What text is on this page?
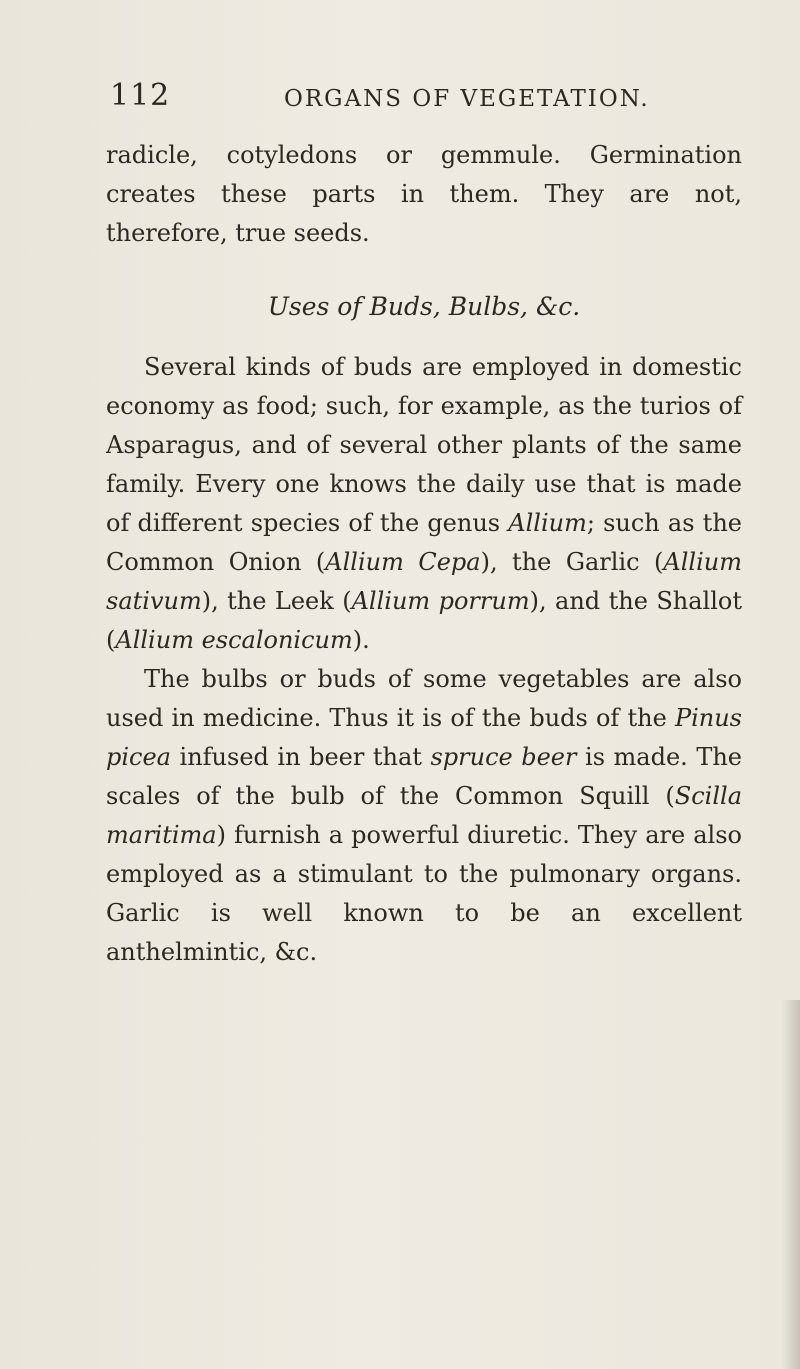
112	ORGANS OF VEGETATION.

radicle, cotyledons or gemmule. Germination creates these parts in them. They are not, therefore, true seeds.

Uses of Buds, Bulbs, &c.

Several kinds of buds are employed in domestic economy as food; such, for example, as the turios of Asparagus, and of several other plants of the same family. Every one knows the daily use that is made of different species of the genus Allium; such as the Common Onion (Allium Cepa), the Garlic (Allium sativum), the Leek (Allium porrum), and the Shallot (Allium escalonicum).

The bulbs or buds of some vegetables are also used in medicine. Thus it is of the buds of the Pinus picea infused in beer that spruce beer is made. The scales of the bulb of the Common Squill (Scilla maritima) furnish a powerful diuretic. They are also employed as a stimulant to the pulmonary organs. Garlic is well known to be an excellent anthelmintic, &c.
